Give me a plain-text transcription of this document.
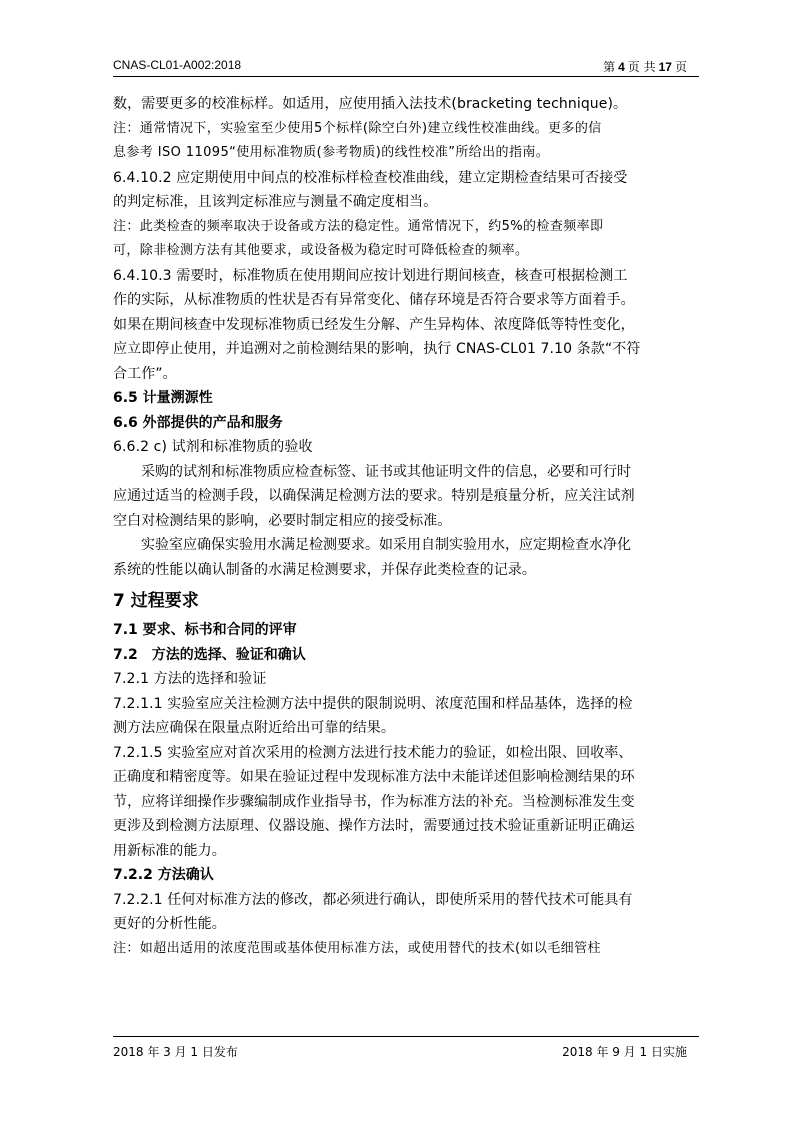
CNAS-CL01-A002:2018	第 4 页 共 17 页
数，需要更多的校准标样。如适用，应使用插入法技术(bracketing technique)。
注：通常情况下，实验室至少使用5个标样(除空白外)建立线性校准曲线。更多的信
息参考 ISO 11095“使用标准物质(参考物质)的线性校准”所给出的指南。
6.4.10.2 应定期使用中间点的校准标样检查校准曲线，建立定期检查结果可否接受
的判定标准，且该判定标准应与测量不确定度相当。
注：此类检查的频率取决于设备或方法的稳定性。通常情况下，约5%的检查频率即
可，除非检测方法有其他要求，或设备极为稳定时可降低检查的频率。
6.4.10.3 需要时，标准物质在使用期间应按计划进行期间核查，核查可根据检测工
作的实际，从标准物质的性状是否有异常变化、储存环境是否符合要求等方面着手。
如果在期间核查中发现标准物质已经发生分解、产生异构体、浓度降低等特性变化，
应立即停止使用，并追溯对之前检测结果的影响，执行 CNAS-CL01 7.10 条款“不符
合工作”。
6.5 计量溯源性
6.6 外部提供的产品和服务
6.6.2 c) 试剂和标准物质的验收
采购的试剂和标准物质应检查标签、证书或其他证明文件的信息，必要和可行时
应通过适当的检测手段，以确保满足检测方法的要求。特别是痕量分析，应关注试剂
空白对检测结果的影响，必要时制定相应的接受标准。
实验室应确保实验用水满足检测要求。如采用自制实验用水，应定期检查水净化
系统的性能以确认制备的水满足检测要求，并保存此类检查的记录。
7 过程要求
7.1 要求、标书和合同的评审
7.2　方法的选择、验证和确认
7.2.1 方法的选择和验证
7.2.1.1 实验室应关注检测方法中提供的限制说明、浓度范围和样品基体，选择的检
测方法应确保在限量点附近给出可靠的结果。
7.2.1.5 实验室应对首次采用的检测方法进行技术能力的验证，如检出限、回收率、
正确度和精密度等。如果在验证过程中发现标准方法中未能详述但影响检测结果的环
节，应将详细操作步骤编制成作业指导书，作为标准方法的补充。当检测标准发生变
更涉及到检测方法原理、仪器设施、操作方法时，需要通过技术验证重新证明正确运
用新标准的能力。
7.2.2 方法确认
7.2.2.1 任何对标准方法的修改，都必须进行确认，即使所采用的替代技术可能具有
更好的分析性能。
注：如超出适用的浓度范围或基体使用标准方法，或使用替代的技术(如以毛细管柱
2018 年 3 月 1 日发布	2018 年 9 月 1 日实施
